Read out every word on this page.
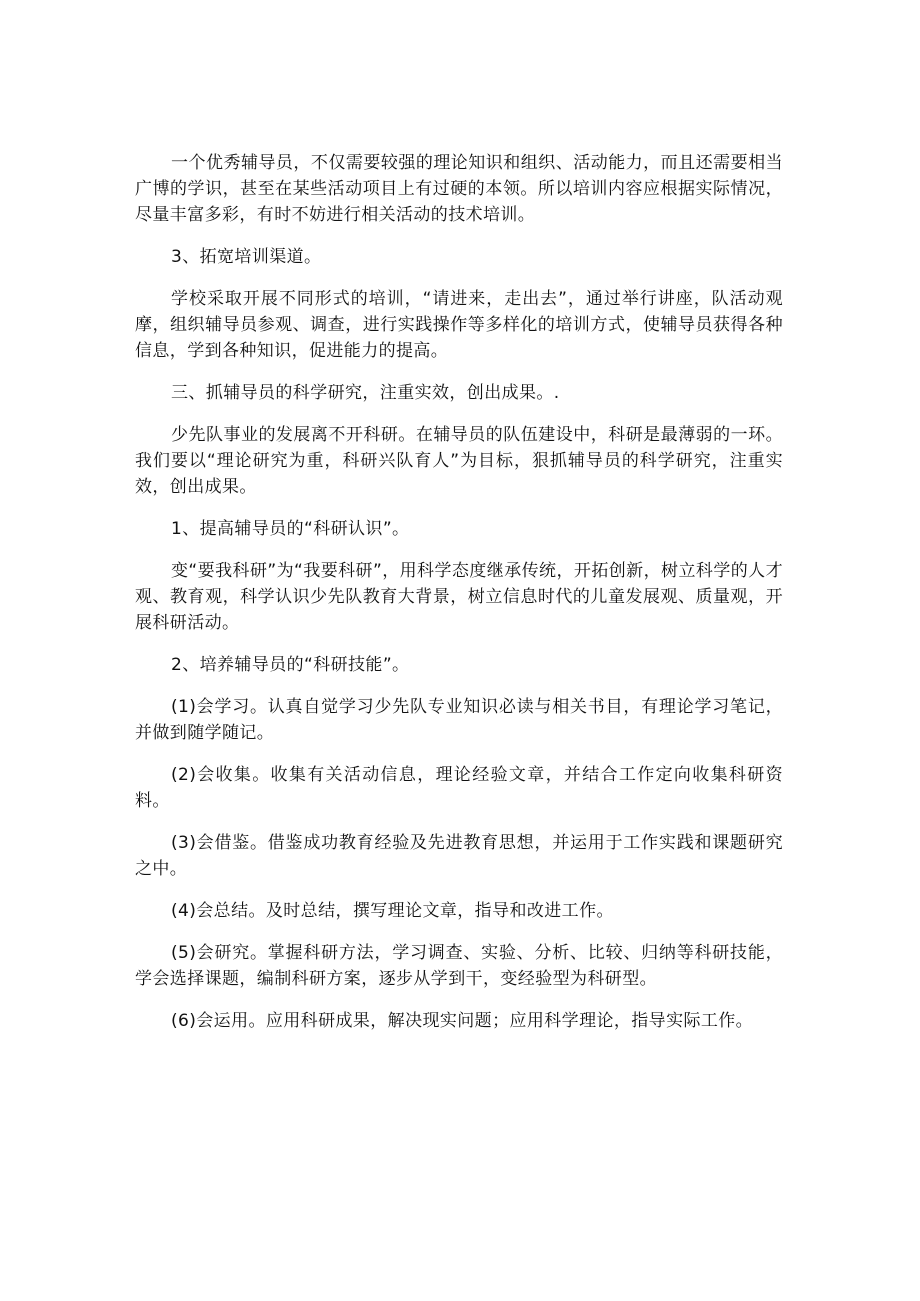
一个优秀辅导员，不仅需要较强的理论知识和组织、活动能力，而且还需要相当广博的学识，甚至在某些活动项目上有过硬的本领。所以培训内容应根据实际情况，尽量丰富多彩，有时不妨进行相关活动的技术培训。

3、拓宽培训渠道。

学校采取开展不同形式的培训，“请进来，走出去”，通过举行讲座，队活动观摩，组织辅导员参观、调查，进行实践操作等多样化的培训方式，使辅导员获得各种信息，学到各种知识，促进能力的提高。

三、抓辅导员的科学研究，注重实效，创出成果。.

少先队事业的发展离不开科研。在辅导员的队伍建设中，科研是最薄弱的一环。我们要以“理论研究为重，科研兴队育人”为目标，狠抓辅导员的科学研究，注重实效，创出成果。

1、提高辅导员的“科研认识”。

变“要我科研”为“我要科研”，用科学态度继承传统，开拓创新，树立科学的人才观、教育观，科学认识少先队教育大背景，树立信息时代的儿童发展观、质量观，开展科研活动。

2、培养辅导员的“科研技能”。

(1)会学习。认真自觉学习少先队专业知识必读与相关书目，有理论学习笔记，并做到随学随记。

(2)会收集。收集有关活动信息，理论经验文章，并结合工作定向收集科研资料。

(3)会借鉴。借鉴成功教育经验及先进教育思想，并运用于工作实践和课题研究之中。

(4)会总结。及时总结，撰写理论文章，指导和改进工作。

(5)会研究。掌握科研方法，学习调查、实验、分析、比较、归纳等科研技能，学会选择课题，编制科研方案，逐步从学到干，变经验型为科研型。

(6)会运用。应用科研成果，解决现实问题；应用科学理论，指导实际工作。
